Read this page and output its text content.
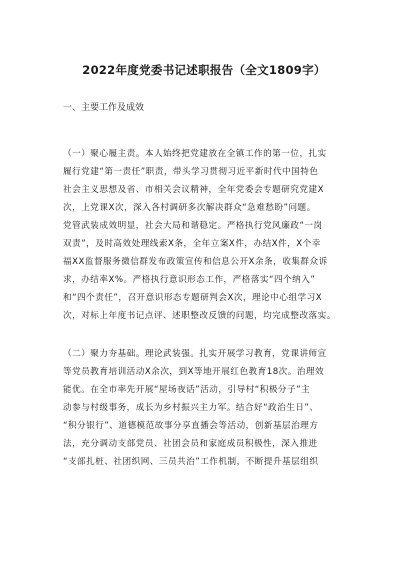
2022年度党委书记述职报告（全文1809字）
一、主要工作及成效
（一）聚心履主责。本人始终把党建放在全镇工作的第一位，扎实
履行党建“第一责任”职责，带头学习贯彻习近平新时代中国特色
社会主义思想及省、市相关会议精神，全年党委会专题研究党建X
次，上党课X次，深入各村调研多次解决群众“急难愁盼”问题。
党管武装成效明显，社会大局和谐稳定。严格执行党风廉政“一岗
双责”，及时高效处理线索X条，全年立案X件，办结X件，X个幸
福XX监督服务微信群发布政策宣传和信息公开X余条，收集群众诉
求，办结率X%。严格执行意识形态工作，严格落实“四个纳入”
和“四个责任”，召开意识形态专题研判会X次，理论中心组学习X
次，对标上年度书记点评、述职整改反馈的问题，均完成整改落实。
（二）聚力夯基础。理论武装强。扎实开展学习教育，党课讲师宣
等党员教育培训活动X余次，到X等地开展红色教育18次。治理效
能优。在全市率先开展“屋场夜话”活动，引导村“积极分子”主
动参与村级事务，成长为乡村振兴主力军。结合好“政治生日”、
“积分银行”、道德模范故事分享直播会等活动，创新基层治理方
法，充分调动支部党员、社团会员和家庭成员积极性，深入推进
“支部扎桩、社团织网、三员共治”工作机制，不断提升基层组织
